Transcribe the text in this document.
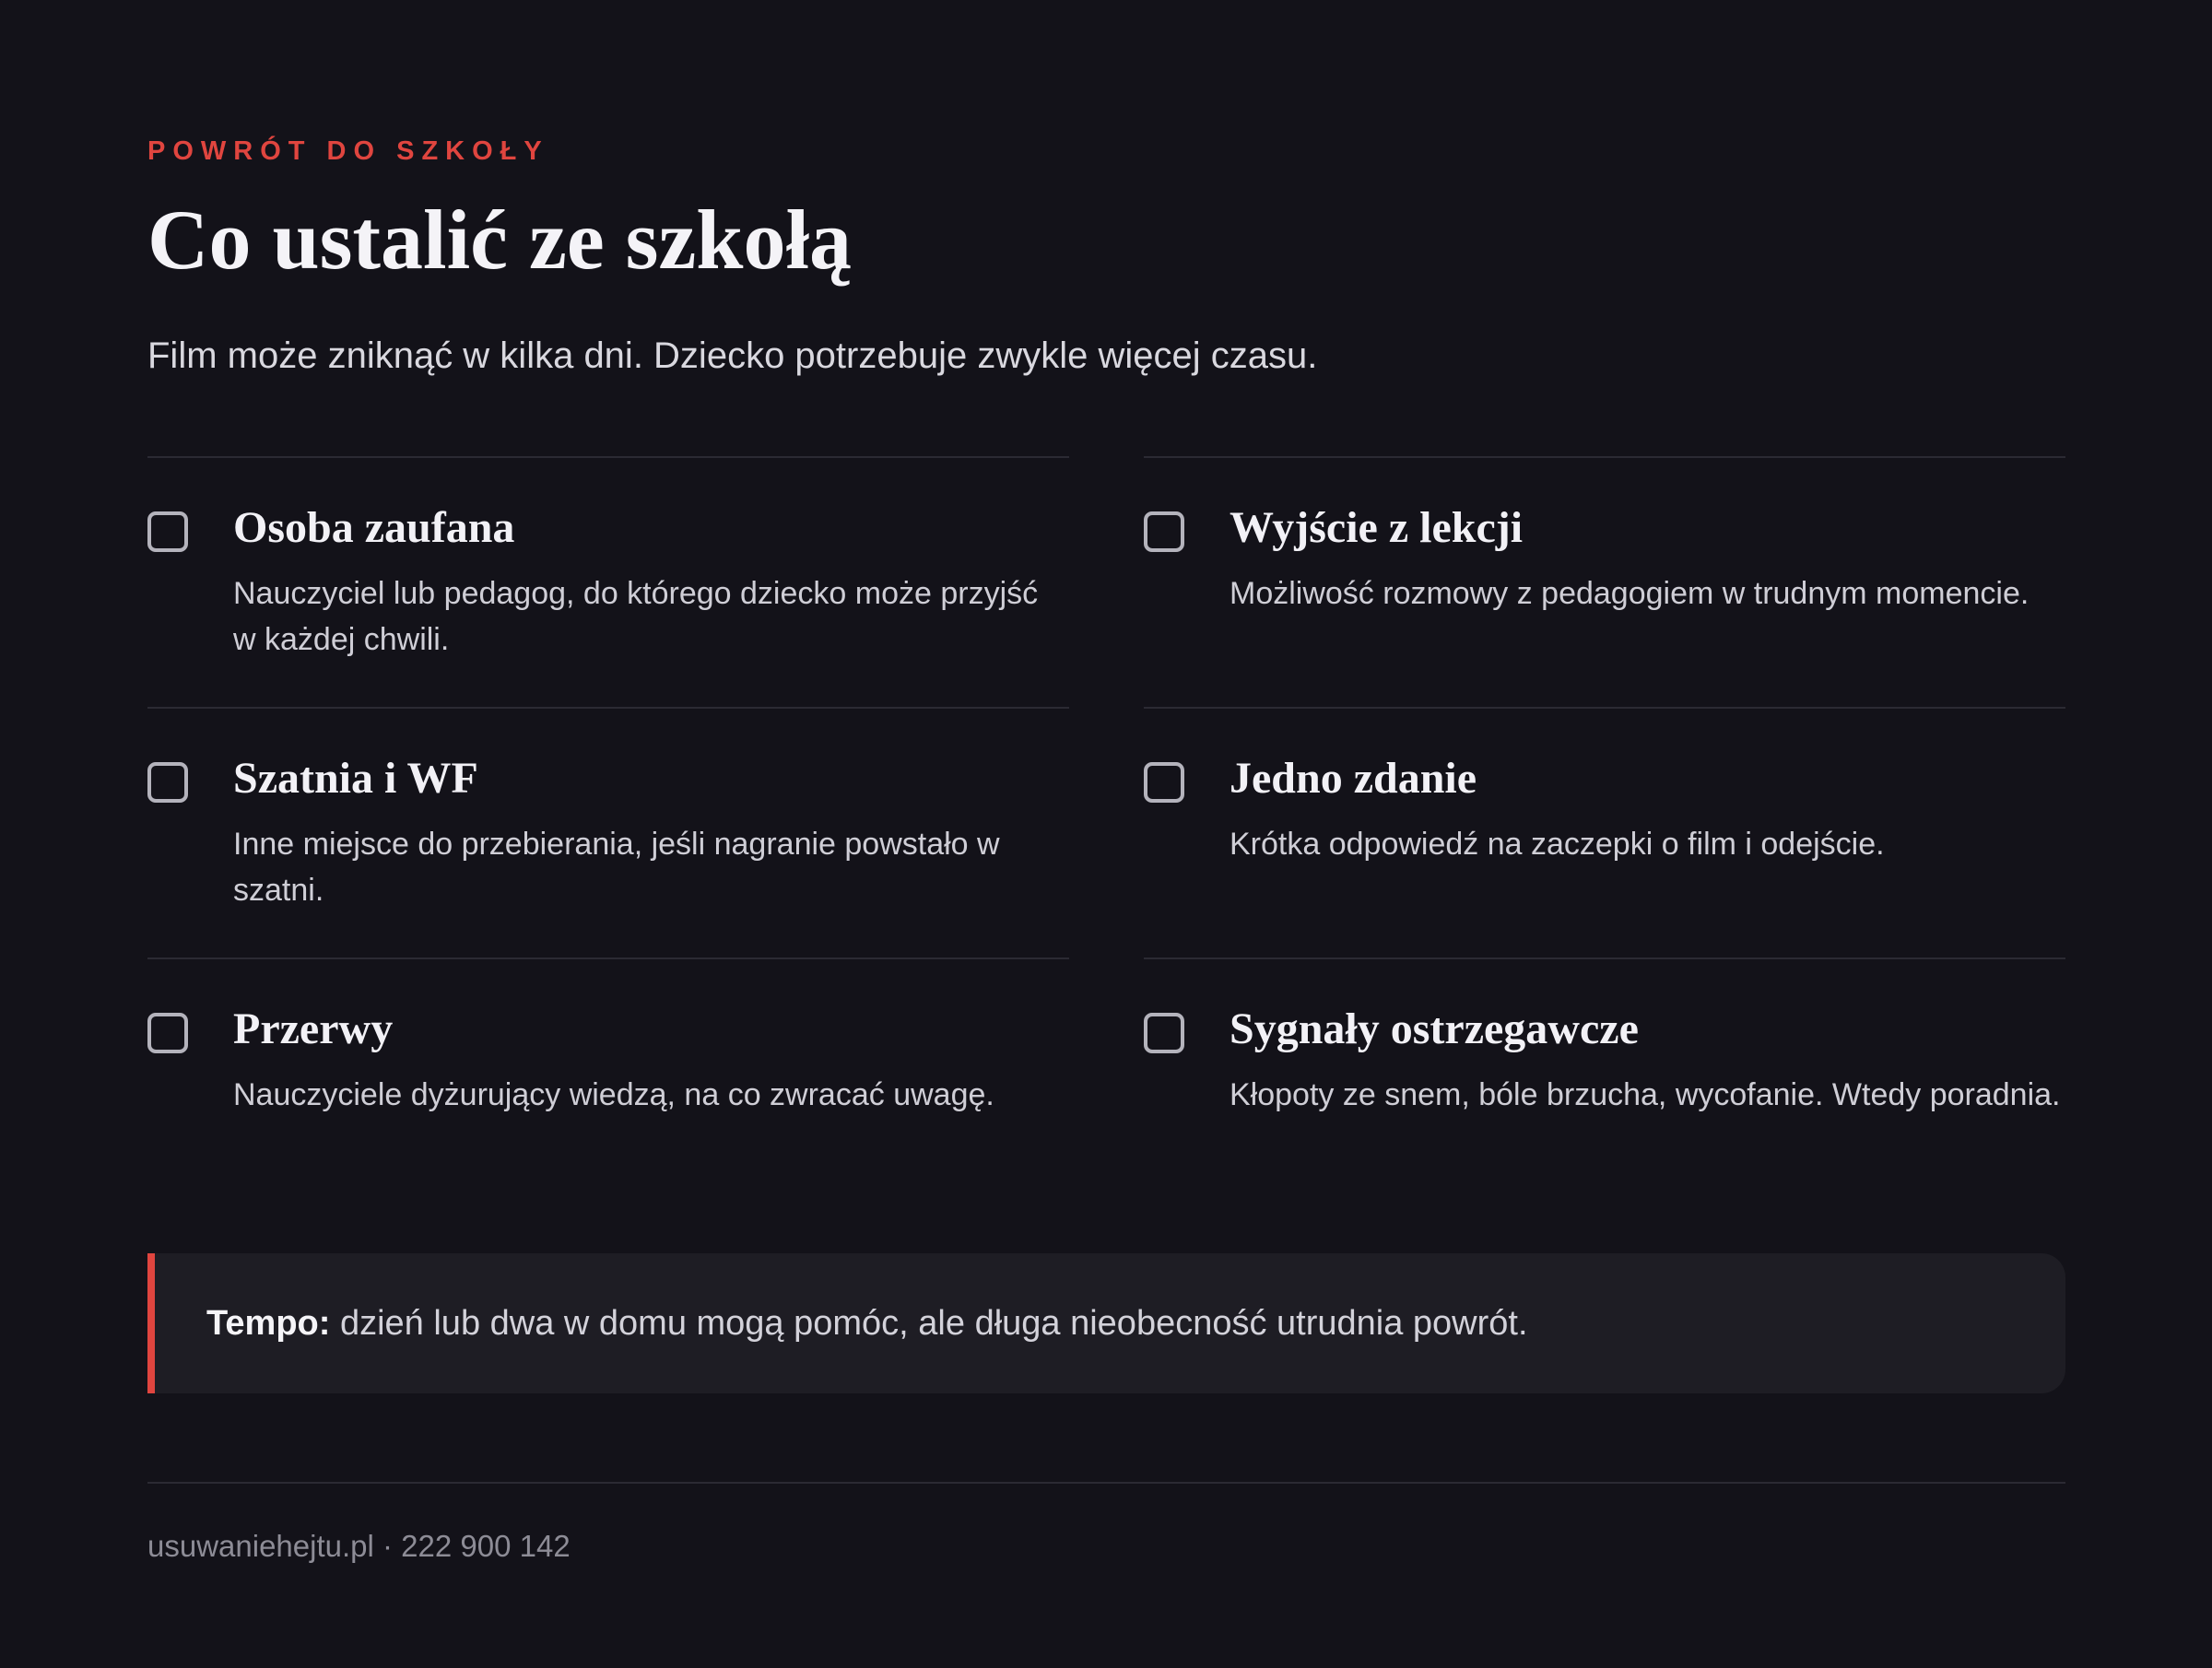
POWRÓT DO SZKOŁY

Co ustalić ze szkołą

Film może zniknąć w kilka dni. Dziecko potrzebuje zwykle więcej czasu.

Osoba zaufana

Nauczyciel lub pedagog, do którego dziecko może przyjść w każdej chwili.

Wyjście z lekcji

Możliwość rozmowy z pedagogiem w trudnym momencie.

Szatnia i WF

Inne miejsce do przebierania, jeśli nagranie powstało w szatni.

Jedno zdanie

Krótka odpowiedź na zaczepki o film i odejście.

Przerwy

Nauczyciele dyżurujący wiedzą, na co zwracać uwagę.

Sygnały ostrzegawcze

Kłopoty ze snem, bóle brzucha, wycofanie. Wtedy poradnia.

Tempo: dzień lub dwa w domu mogą pomóc, ale długa nieobecność utrudnia powrót.

usuwaniehejtu.pl · 222 900 142
